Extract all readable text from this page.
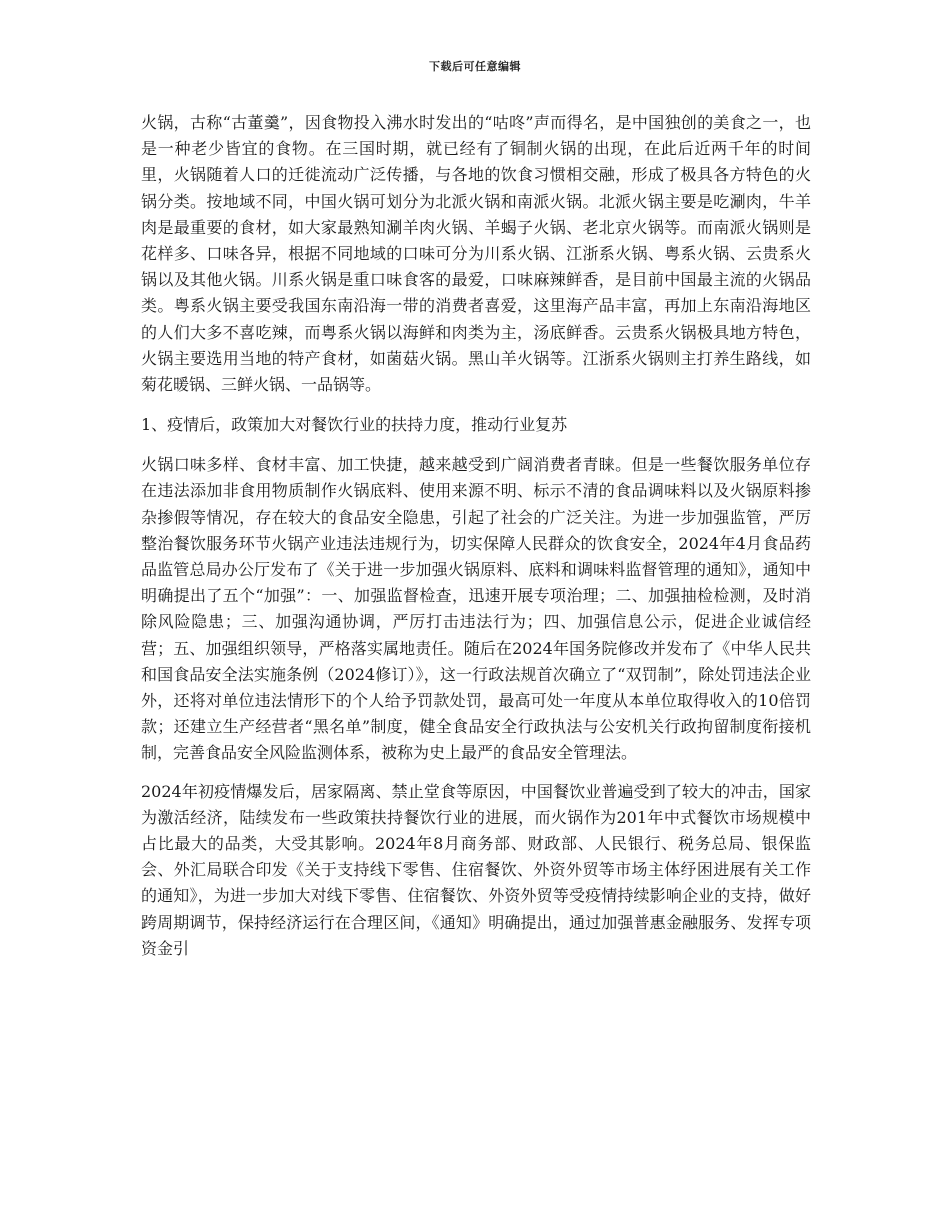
下载后可任意编辑

火锅，古称“古董羹”，因食物投入沸水时发出的“咕咚”声而得名，是中国独创的美食之一，也是一种老少皆宜的食物。在三国时期，就已经有了铜制火锅的出现，在此后近两千年的时间里，火锅随着人口的迁徙流动广泛传播，与各地的饮食习惯相交融，形成了极具各方特色的火锅分类。按地域不同，中国火锅可划分为北派火锅和南派火锅。北派火锅主要是吃涮肉，牛羊肉是最重要的食材，如大家最熟知涮羊肉火锅、羊蝎子火锅、老北京火锅等。而南派火锅则是花样多、口味各异，根据不同地域的口味可分为川系火锅、江浙系火锅、粤系火锅、云贵系火锅以及其他火锅。川系火锅是重口味食客的最爱，口味麻辣鲜香，是目前中国最主流的火锅品类。粤系火锅主要受我国东南沿海一带的消费者喜爱，这里海产品丰富，再加上东南沿海地区的人们大多不喜吃辣，而粤系火锅以海鲜和肉类为主，汤底鲜香。云贵系火锅极具地方特色，火锅主要选用当地的特产食材，如菌菇火锅。黑山羊火锅等。江浙系火锅则主打养生路线，如菊花暖锅、三鲜火锅、一品锅等。

1、疫情后，政策加大对餐饮行业的扶持力度，推动行业复苏

火锅口味多样、食材丰富、加工快捷，越来越受到广阔消费者青睐。但是一些餐饮服务单位存在违法添加非食用物质制作火锅底料、使用来源不明、标示不清的食品调味料以及火锅原料掺杂掺假等情况，存在较大的食品安全隐患，引起了社会的广泛关注。为进一步加强监管，严厉整治餐饮服务环节火锅产业违法违规行为，切实保障人民群众的饮食安全，2024年4月食品药品监管总局办公厅发布了《关于进一步加强火锅原料、底料和调味料监督管理的通知》，通知中明确提出了五个“加强”：一、加强监督检查，迅速开展专项治理；二、加强抽检检测，及时消除风险隐患；三、加强沟通协调，严厉打击违法行为；四、加强信息公示，促进企业诚信经营；五、加强组织领导，严格落实属地责任。随后在2024年国务院修改并发布了《中华人民共和国食品安全法实施条例（2024修订）》，这一行政法规首次确立了“双罚制”，除处罚违法企业外，还将对单位违法情形下的个人给予罚款处罚，最高可处一年度从本单位取得收入的10倍罚款；还建立生产经营者“黑名单”制度，健全食品安全行政执法与公安机关行政拘留制度衔接机制，完善食品安全风险监测体系，被称为史上最严的食品安全管理法。

2024年初疫情爆发后，居家隔离、禁止堂食等原因，中国餐饮业普遍受到了较大的冲击，国家为激活经济，陆续发布一些政策扶持餐饮行业的进展，而火锅作为201年中式餐饮市场规模中占比最大的品类，大受其影响。2024年8月商务部、财政部、人民银行、税务总局、银保监会、外汇局联合印发《关于支持线下零售、住宿餐饮、外资外贸等市场主体纾困进展有关工作的通知》，为进一步加大对线下零售、住宿餐饮、外资外贸等受疫情持续影响企业的支持，做好跨周期调节，保持经济运行在合理区间，《通知》明确提出，通过加强普惠金融服务、发挥专项资金引
